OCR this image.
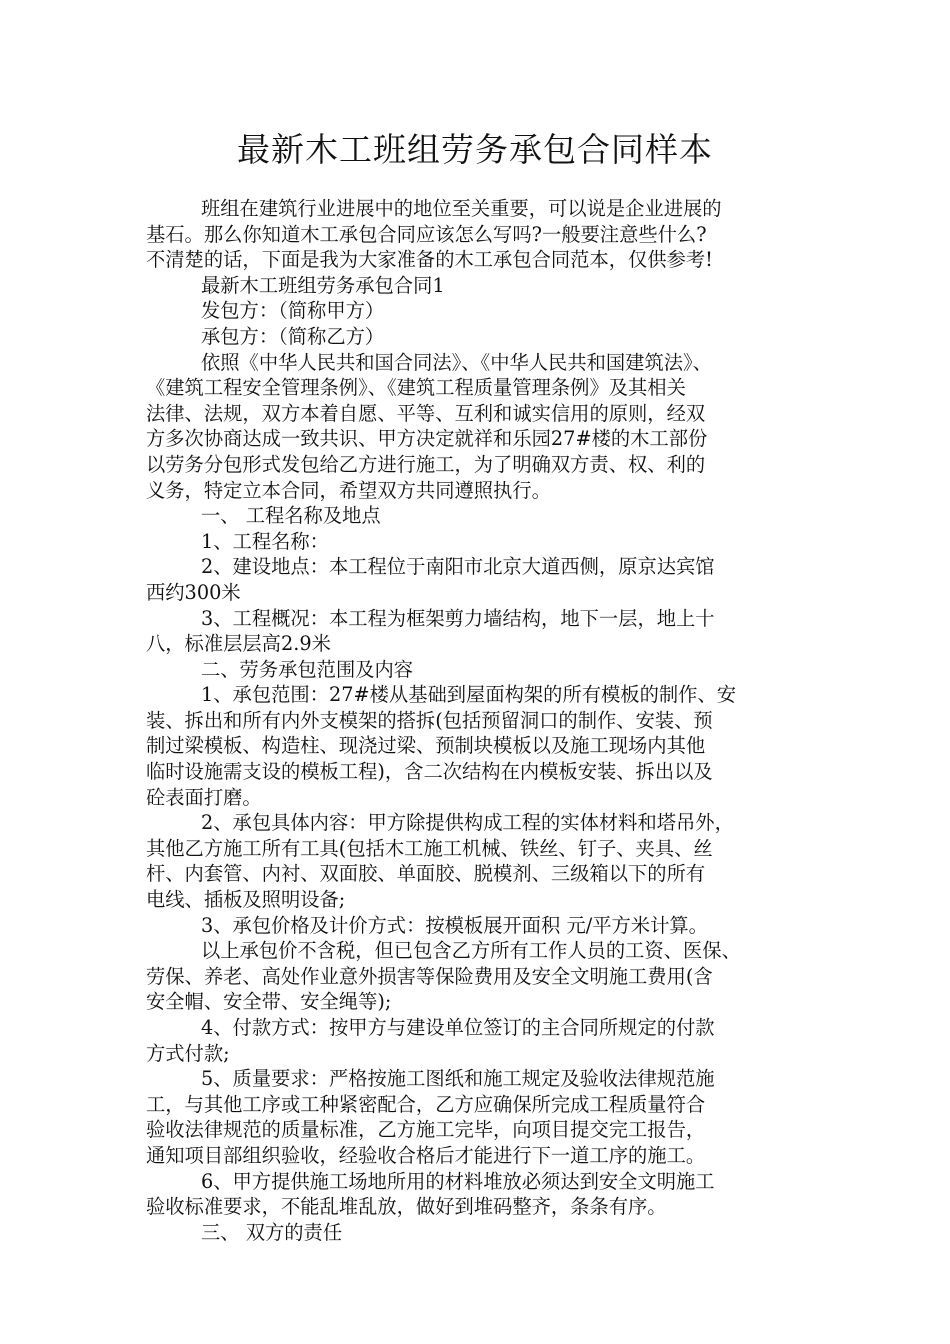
最新木工班组劳务承包合同样本
班组在建筑行业进展中的地位至关重要，可以说是企业进展的
基石。那么你知道木工承包合同应该怎么写吗?一般要注意些什么?
不清楚的话，下面是我为大家准备的木工承包合同范本，仅供参考!
最新木工班组劳务承包合同1
发包方：（简称甲方）
承包方：（简称乙方）
依照《中华人民共和国合同法》、《中华人民共和国建筑法》、
《建筑工程安全管理条例》、《建筑工程质量管理条例》及其相关
法律、法规，双方本着自愿、平等、互利和诚实信用的原则，经双
方多次协商达成一致共识、甲方决定就祥和乐园27#楼的木工部份
以劳务分包形式发包给乙方进行施工，为了明确双方责、权、利的
义务，特定立本合同，希望双方共同遵照执行。
一、 工程名称及地点
1、工程名称：
2、建设地点：本工程位于南阳市北京大道西侧，原京达宾馆
西约300米
3、工程概况：本工程为框架剪力墙结构，地下一层，地上十
八，标准层层高2.9米
二、劳务承包范围及内容
1、承包范围：27#楼从基础到屋面构架的所有模板的制作、安
装、拆出和所有内外支模架的搭拆(包括预留洞口的制作、安装、预
制过梁模板、构造柱、现浇过梁、预制块模板以及施工现场内其他
临时设施需支设的模板工程)，含二次结构在内模板安装、拆出以及
砼表面打磨。
2、承包具体内容：甲方除提供构成工程的实体材料和塔吊外，
其他乙方施工所有工具(包括木工施工机械、铁丝、钉子、夹具、丝
杆、内套管、内衬、双面胶、单面胶、脱模剂、三级箱以下的所有
电线、插板及照明设备;
3、承包价格及计价方式：按模板展开面积 元/平方米计算。
以上承包价不含税，但已包含乙方所有工作人员的工资、医保、
劳保、养老、高处作业意外损害等保险费用及安全文明施工费用(含
安全帽、安全带、安全绳等);
4、付款方式：按甲方与建设单位签订的主合同所规定的付款
方式付款;
5、质量要求：严格按施工图纸和施工规定及验收法律规范施
工，与其他工序或工种紧密配合，乙方应确保所完成工程质量符合
验收法律规范的质量标准，乙方施工完毕，向项目提交完工报告，
通知项目部组织验收，经验收合格后才能进行下一道工序的施工。
6、甲方提供施工场地所用的材料堆放必须达到安全文明施工
验收标准要求，不能乱堆乱放，做好到堆码整齐，条条有序。
三、 双方的责任
